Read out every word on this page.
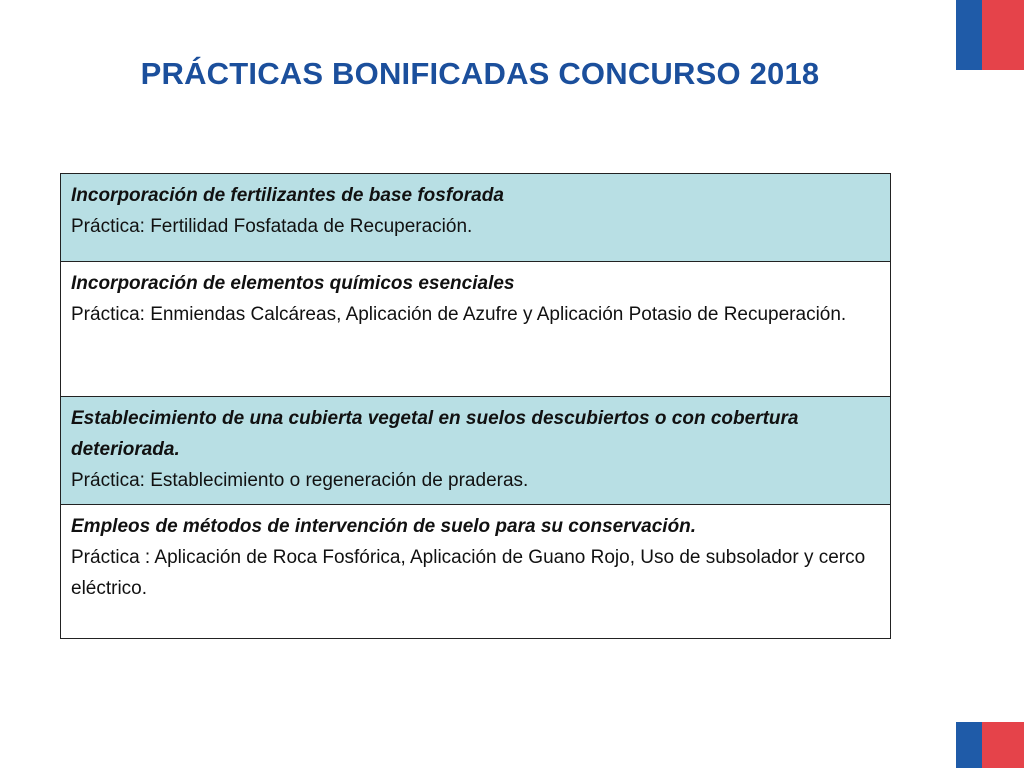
PRÁCTICAS BONIFICADAS CONCURSO 2018
Incorporación de fertilizantes de base fosforada
Práctica: Fertilidad Fosfatada de Recuperación.

Incorporación de elementos químicos esenciales
Práctica: Enmiendas Calcáreas, Aplicación de Azufre y Aplicación Potasio de Recuperación.

Establecimiento de una cubierta vegetal en suelos descubiertos o con cobertura deteriorada.
Práctica: Establecimiento o regeneración de praderas.

Empleos de métodos de intervención de suelo para su conservación.
Práctica : Aplicación de Roca Fosfórica, Aplicación de Guano Rojo, Uso de subsolador y cerco eléctrico.
